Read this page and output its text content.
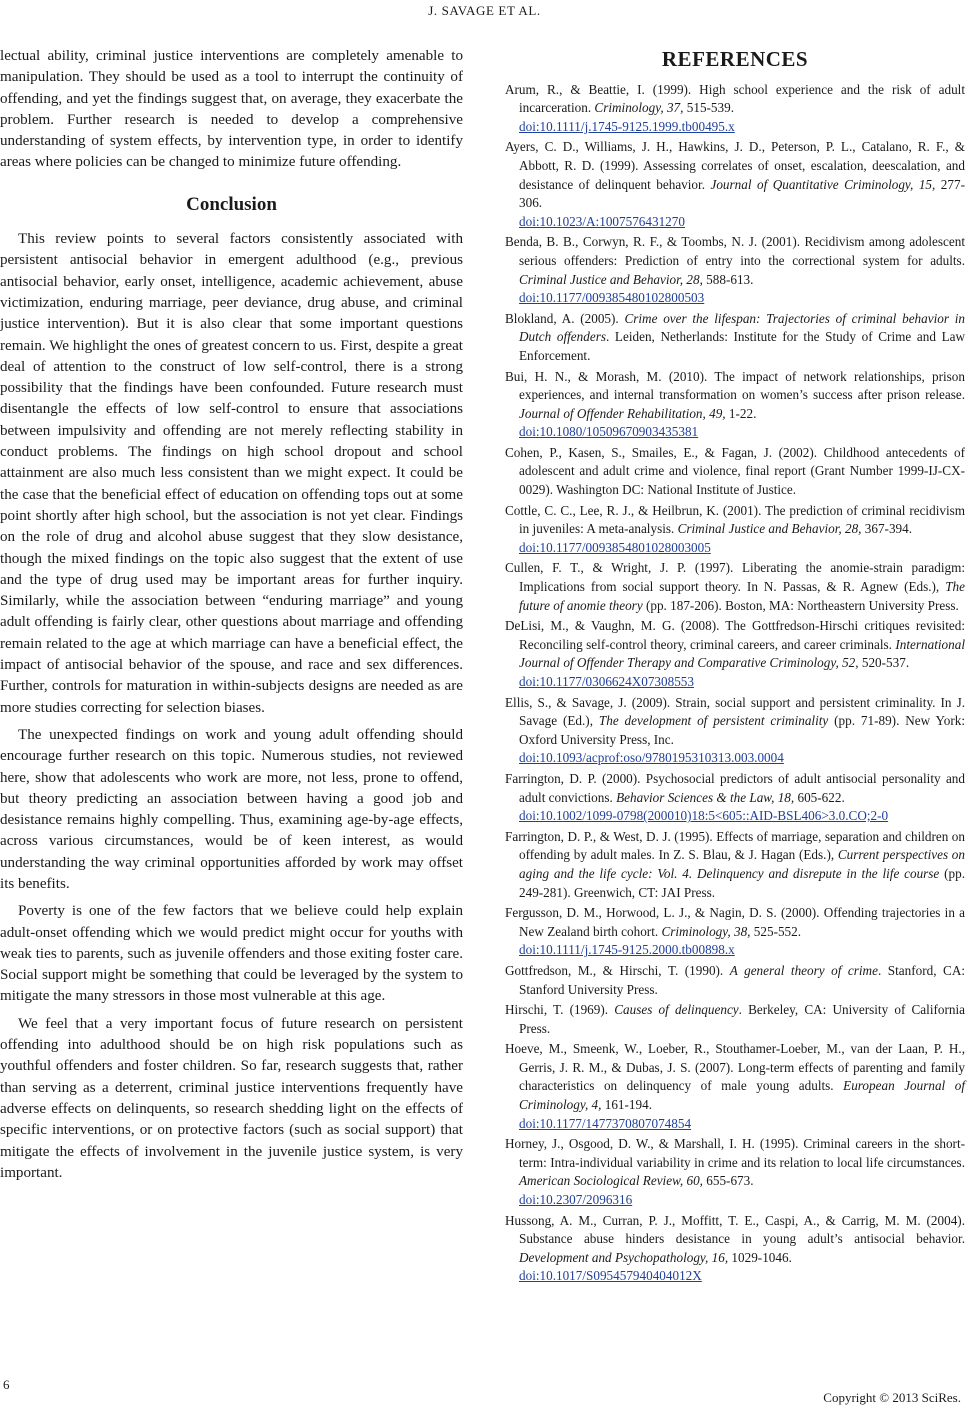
J. SAVAGE ET AL.

lectual ability, criminal justice interventions are completely amenable to manipulation. They should be used as a tool to interrupt the continuity of offending, and yet the findings suggest that, on average, they exacerbate the problem. Further research is needed to develop a comprehensive understanding of system effects, by intervention type, in order to identify areas where policies can be changed to minimize future offending.

Conclusion

This review points to several factors consistently associated with persistent antisocial behavior in emergent adulthood (e.g., previous antisocial behavior, early onset, intelligence, academic achievement, abuse victimization, enduring marriage, peer deviance, drug abuse, and criminal justice intervention). But it is also clear that some important questions remain. We highlight the ones of greatest concern to us. First, despite a great deal of attention to the construct of low self-control, there is a strong possibility that the findings have been confounded. Future research must disentangle the effects of low self-control to ensure that associations between impulsivity and offending are not merely reflecting stability in conduct problems. The findings on high school dropout and school attainment are also much less consistent than we might expect. It could be the case that the beneficial effect of education on offending tops out at some point shortly after high school, but the association is not yet clear. Findings on the role of drug and alcohol abuse suggest that they slow desistance, though the mixed findings on the topic also suggest that the extent of use and the type of drug used may be important areas for further inquiry. Similarly, while the association between “enduring marriage” and young adult offending is fairly clear, other questions about marriage and offending remain related to the age at which marriage can have a beneficial effect, the impact of antisocial behavior of the spouse, and race and sex differences. Further, controls for maturation in within-subjects designs are needed as are more studies correcting for selection biases.

The unexpected findings on work and young adult offending should encourage further research on this topic. Numerous studies, not reviewed here, show that adolescents who work are more, not less, prone to offend, but theory predicting an association between having a good job and desistance remains highly compelling. Thus, examining age-by-age effects, across various circumstances, would be of keen interest, as would understanding the way criminal opportunities afforded by work may offset its benefits.

Poverty is one of the few factors that we believe could help explain adult-onset offending which we would predict might occur for youths with weak ties to parents, such as juvenile offenders and those exiting foster care. Social support might be something that could be leveraged by the system to mitigate the many stressors in those most vulnerable at this age.

We feel that a very important focus of future research on persistent offending into adulthood should be on high risk populations such as youthful offenders and foster children. So far, research suggests that, rather than serving as a deterrent, criminal justice interventions frequently have adverse effects on delinquents, so research shedding light on the effects of specific interventions, or on protective factors (such as social support) that mitigate the effects of involvement in the juvenile justice system, is very important.

REFERENCES

Arum, R., & Beattie, I. (1999). High school experience and the risk of adult incarceration. Criminology, 37, 515-539.
doi:10.1111/j.1745-9125.1999.tb00495.x

Ayers, C. D., Williams, J. H., Hawkins, J. D., Peterson, P. L., Catalano, R. F., & Abbott, R. D. (1999). Assessing correlates of onset, escalation, deescalation, and desistance of delinquent behavior. Journal of Quantitative Criminology, 15, 277-306.
doi:10.1023/A:1007576431270

Benda, B. B., Corwyn, R. F., & Toombs, N. J. (2001). Recidivism among adolescent serious offenders: Prediction of entry into the correctional system for adults. Criminal Justice and Behavior, 28, 588-613.
doi:10.1177/009385480102800503

Blokland, A. (2005). Crime over the lifespan: Trajectories of criminal behavior in Dutch offenders. Leiden, Netherlands: Institute for the Study of Crime and Law Enforcement.

Bui, H. N., & Morash, M. (2010). The impact of network relationships, prison experiences, and internal transformation on women’s success after prison release. Journal of Offender Rehabilitation, 49, 1-22.
doi:10.1080/10509670903435381

Cohen, P., Kasen, S., Smailes, E., & Fagan, J. (2002). Childhood antecedents of adolescent and adult crime and violence, final report (Grant Number 1999-IJ-CX-0029). Washington DC: National Institute of Justice.

Cottle, C. C., Lee, R. J., & Heilbrun, K. (2001). The prediction of criminal recidivism in juveniles: A meta-analysis. Criminal Justice and Behavior, 28, 367-394.
doi:10.1177/0093854801028003005

Cullen, F. T., & Wright, J. P. (1997). Liberating the anomie-strain paradigm: Implications from social support theory. In N. Passas, & R. Agnew (Eds.), The future of anomie theory (pp. 187-206). Boston, MA: Northeastern University Press.

DeLisi, M., & Vaughn, M. G. (2008). The Gottfredson-Hirschi critiques revisited: Reconciling self-control theory, criminal careers, and career criminals. International Journal of Offender Therapy and Comparative Criminology, 52, 520-537.
doi:10.1177/0306624X07308553

Ellis, S., & Savage, J. (2009). Strain, social support and persistent criminality. In J. Savage (Ed.), The development of persistent criminality (pp. 71-89). New York: Oxford University Press, Inc.
doi:10.1093/acprof:oso/9780195310313.003.0004

Farrington, D. P. (2000). Psychosocial predictors of adult antisocial personality and adult convictions. Behavior Sciences & the Law, 18, 605-622.
doi:10.1002/1099-0798(200010)18:5<605::AID-BSL406>3.0.CO;2-0

Farrington, D. P., & West, D. J. (1995). Effects of marriage, separation and children on offending by adult males. In Z. S. Blau, & J. Hagan (Eds.), Current perspectives on aging and the life cycle: Vol. 4. Delinquency and disrepute in the life course (pp. 249-281). Greenwich, CT: JAI Press.

Fergusson, D. M., Horwood, L. J., & Nagin, D. S. (2000). Offending trajectories in a New Zealand birth cohort. Criminology, 38, 525-552.
doi:10.1111/j.1745-9125.2000.tb00898.x

Gottfredson, M., & Hirschi, T. (1990). A general theory of crime. Stanford, CA: Stanford University Press.

Hirschi, T. (1969). Causes of delinquency. Berkeley, CA: University of California Press.

Hoeve, M., Smeenk, W., Loeber, R., Stouthamer-Loeber, M., van der Laan, P. H., Gerris, J. R. M., & Dubas, J. S. (2007). Long-term effects of parenting and family characteristics on delinquency of male young adults. European Journal of Criminology, 4, 161-194.
doi:10.1177/1477370807074854

Horney, J., Osgood, D. W., & Marshall, I. H. (1995). Criminal careers in the short-term: Intra-individual variability in crime and its relation to local life circumstances. American Sociological Review, 60, 655-673.
doi:10.2307/2096316

Hussong, A. M., Curran, P. J., Moffitt, T. E., Caspi, A., & Carrig, M. M. (2004). Substance abuse hinders desistance in young adult’s antisocial behavior. Development and Psychopathology, 16, 1029-1046.
doi:10.1017/S095457940404012X

6
Copyright © 2013 SciRes.
